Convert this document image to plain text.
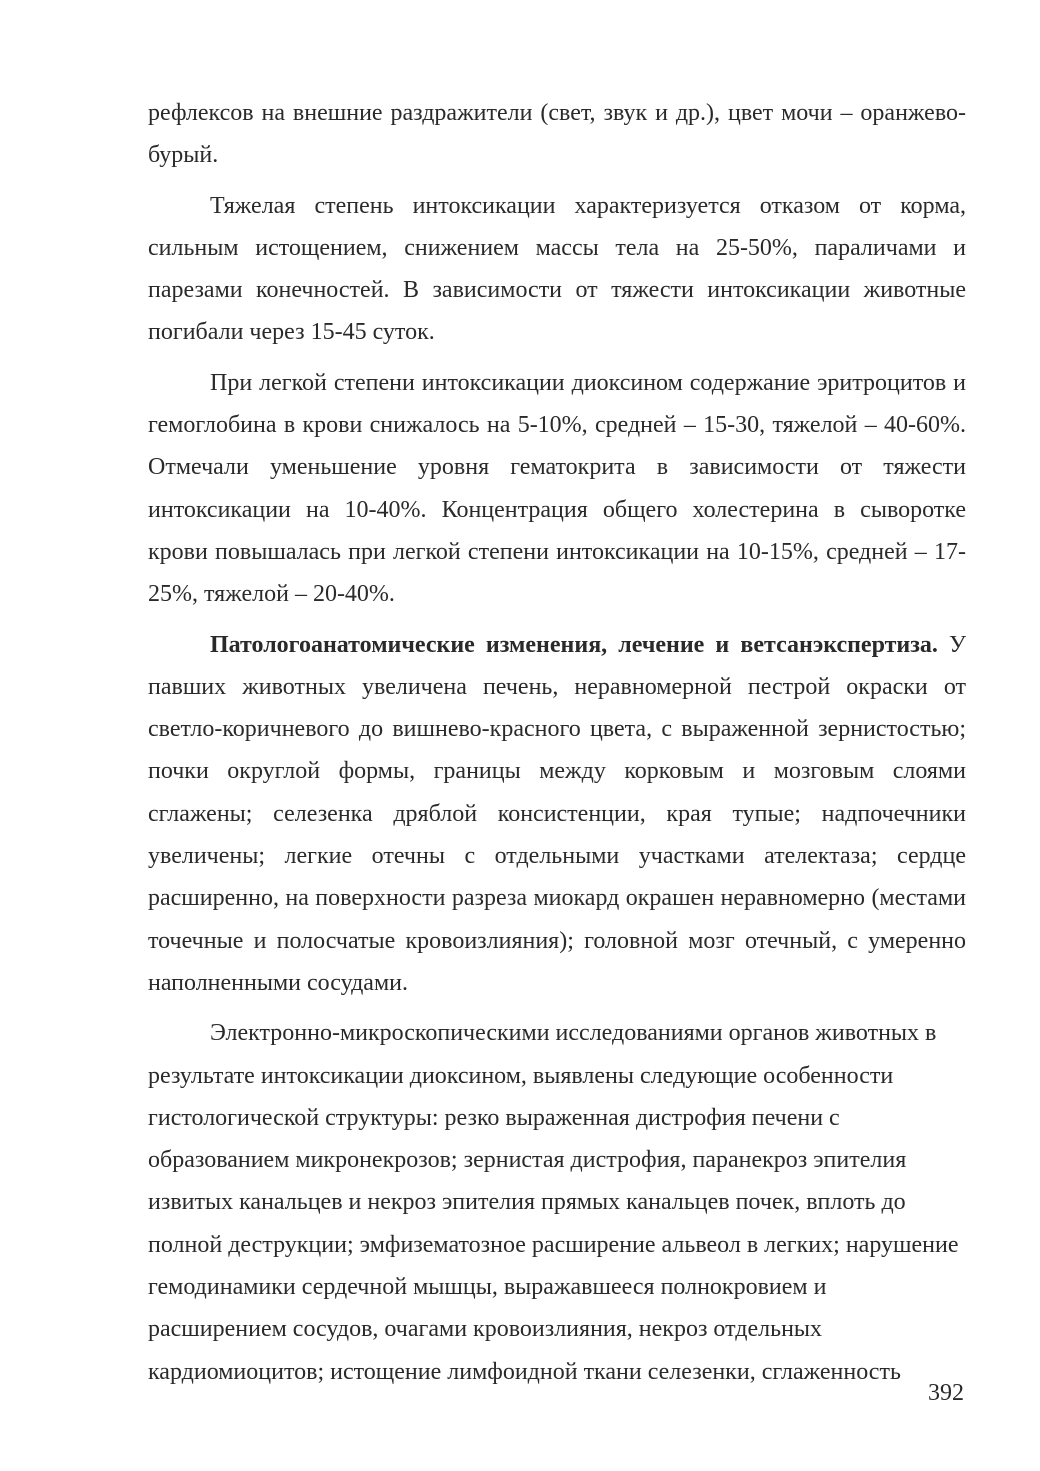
рефлексов на внешние раздражители (свет, звук и др.), цвет мочи – оранжево-бурый.

Тяжелая степень интоксикации характеризуется отказом от корма, сильным истощением, снижением массы тела на 25-50%, параличами и парезами конечностей. В зависимости от тяжести интоксикации животные погибали через 15-45 суток.

При легкой степени интоксикации диоксином содержание эритроцитов и гемоглобина в крови снижалось на 5-10%, средней – 15-30, тяжелой – 40-60%. Отмечали уменьшение уровня гематокрита в зависимости от тяжести интоксикации на 10-40%. Концентрация общего холестерина в сыворотке крови повышалась при легкой степени интоксикации на 10-15%, средней – 17-25%, тяжелой – 20-40%.

Патологоанатомические изменения, лечение и ветсанэкспертиза. У павших животных увеличена печень, неравномерной пестрой окраски от светло-коричневого до вишнево-красного цвета, с выраженной зернистостью; почки округлой формы, границы между корковым и мозговым слоями сглажены; селезенка дряблой консистенции, края тупые; надпочечники увеличены; легкие отечны с отдельными участками ателектаза; сердце расширенно, на поверхности разреза миокард окрашен неравномерно (местами точечные и полосчатые кровоизлияния); головной мозг отечный, с умеренно наполненными сосудами.

Электронно-микроскопическими исследованиями органов животных в результате интоксикации диоксином, выявлены следующие особенности гистологической структуры: резко выраженная дистрофия печени с образованием микронекрозов; зернистая дистрофия, паранекроз эпителия извитых канальцев и некроз эпителия прямых канальцев почек, вплоть до полной деструкции; эмфизематозное расширение альвеол в легких; нарушение гемодинамики сердечной мышцы, выражавшееся полнокровием и расширением сосудов, очагами кровоизлияния, некроз отдельных кардиомиоцитов; истощение лимфоидной ткани селезенки, сглаженность

392
